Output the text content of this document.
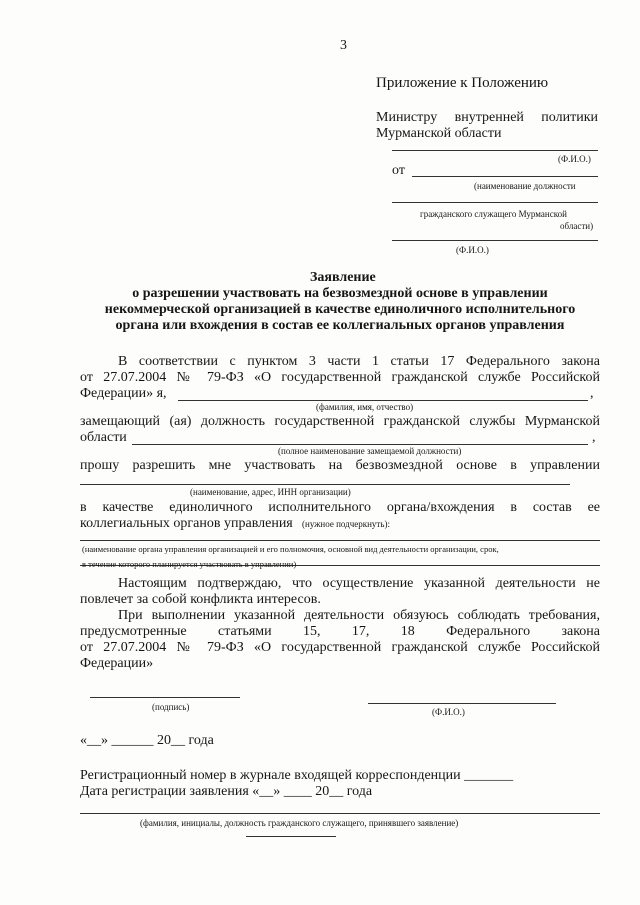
3
Приложение к Положению
Министру внутренней политики
Мурманской области
(Ф.И.О.)
от
(наименование должности
гражданского служащего Мурманской
области)
(Ф.И.О.)
Заявление
о разрешении участвовать на безвозмездной основе в управлении
некоммерческой организацией в качестве единоличного исполнительного
органа или вхождения в состав ее коллегиальных органов управления
В соответствии с пунктом 3 части 1 статьи 17 Федерального закона
от 27.07.2004 № 79-ФЗ «О государственной гражданской службе Российской
Федерации» я,	,
(фамилия, имя, отчество)
замещающий (ая) должность государственной гражданской службы Мурманской
области	,
(полное наименование замещаемой должности)
прошу разрешить мне участвовать на безвозмездной основе в управлении
(наименование, адрес, ИНН организации)
в качестве единоличного исполнительного органа/вхождения в состав ее
коллегиальных органов управления (нужное подчеркнуть):
(наименование органа управления организацией и его полномочия, основной вид деятельности организации, срок,
в течение которого планируется участвовать в управлении)
Настоящим подтверждаю, что осуществление указанной деятельности не
повлечет за собой конфликта интересов.
При выполнении указанной деятельности обязуюсь соблюдать требования,
предусмотренные статьями 15, 17, 18 Федерального закона
от 27.07.2004 № 79-ФЗ «О государственной гражданской службе Российской
Федерации»
(подпись)	(Ф.И.О.)
«__» ______ 20__ года
Регистрационный номер в журнале входящей корреспонденции _______
Дата регистрации заявления «__» ____ 20__ года
(фамилия, инициалы, должность гражданского служащего, принявшего заявление)
